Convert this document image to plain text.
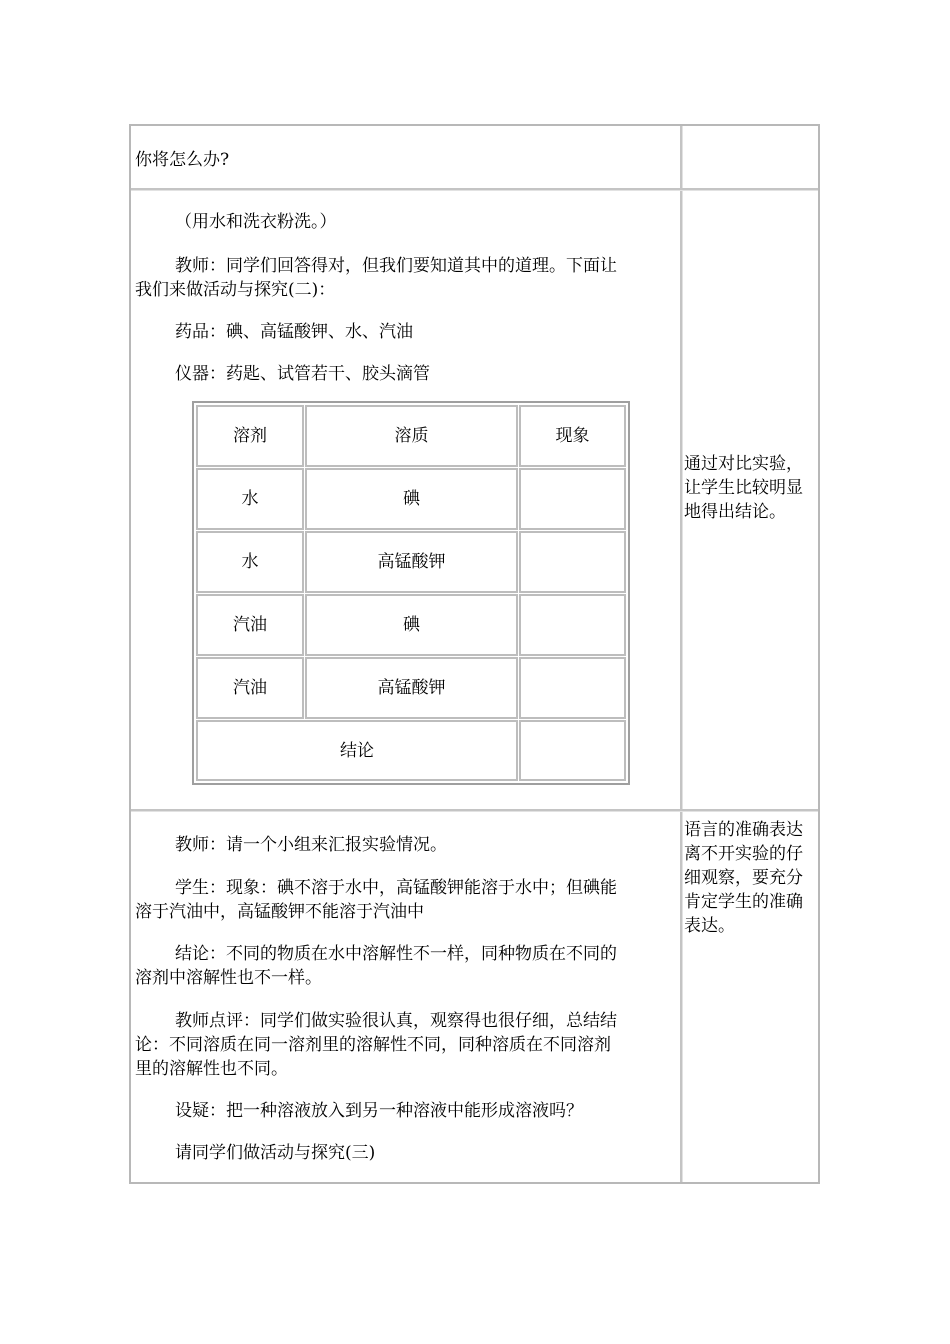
你将怎么办?

（用水和洗衣粉洗。）

教师：同学们回答得对，但我们要知道其中的道理。下面让

我们来做活动与探究(二)：

药品：碘、高锰酸钾、水、汽油

仪器：药匙、试管若干、胶头滴管

溶剂	溶质	现象
水	碘
水	高锰酸钾
汽油	碘
汽油	高锰酸钾
结论

通过对比实验，

让学生比较明显

地得出结论。

教师：请一个小组来汇报实验情况。

学生：现象：碘不溶于水中，高锰酸钾能溶于水中；但碘能

溶于汽油中，高锰酸钾不能溶于汽油中

结论：不同的物质在水中溶解性不一样，同种物质在不同的

溶剂中溶解性也不一样。

教师点评：同学们做实验很认真，观察得也很仔细，总结结

论：不同溶质在同一溶剂里的溶解性不同，同种溶质在不同溶剂

里的溶解性也不同。

设疑：把一种溶液放入到另一种溶液中能形成溶液吗？

请同学们做活动与探究(三)

语言的准确表达

离不开实验的仔

细观察，要充分

肯定学生的准确

表达。
